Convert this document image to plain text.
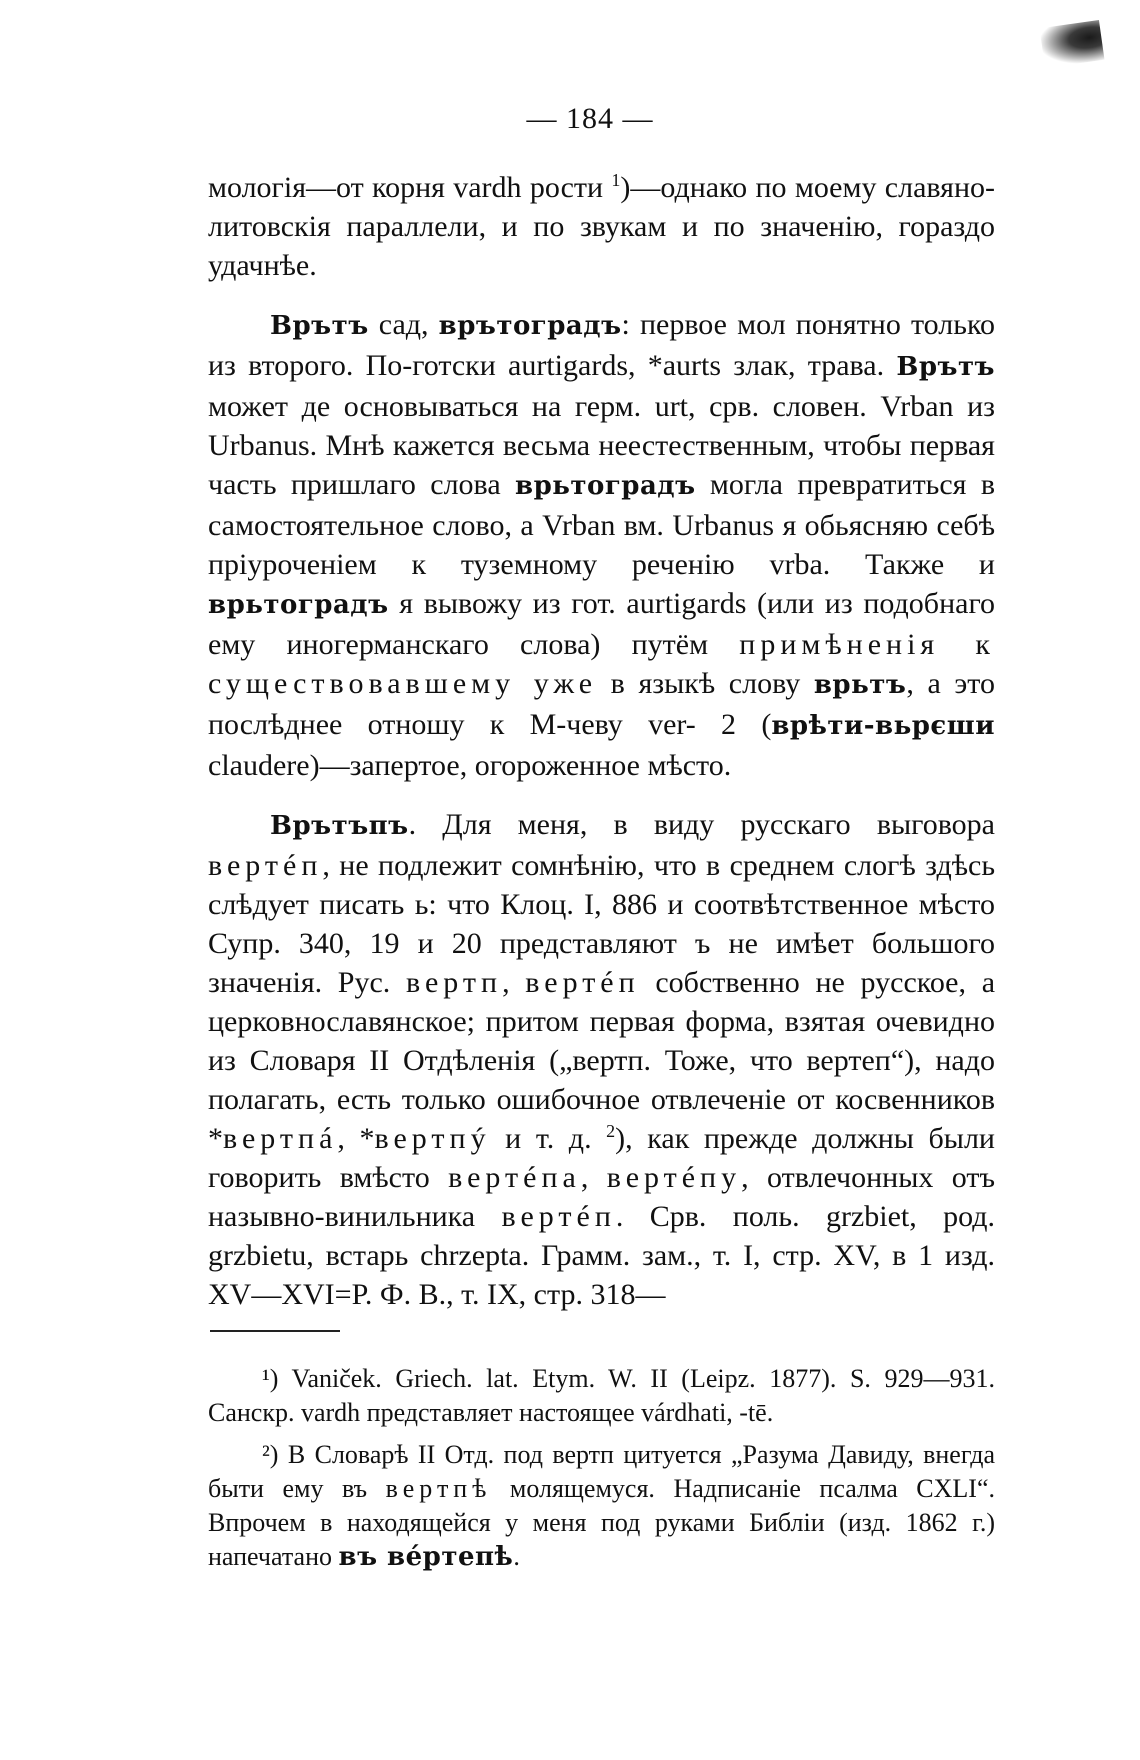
— 184 —

мологія—от корня vardh рости $^1$)—однако по моему славяно-литовскія параллели, и по звукам и по значенію, гораздо удачнѣе.

Врътъ сад, врътоградъ: первое мол понятно только из второго. По-готски aurtigards, *aurts злак, трава. Врътъ может де основываться на герм. urt, срв. словен. Vrban из Urbanus. Мнѣ кажется весьма неестественным, чтобы первая часть пришлаго слова врьтоградъ могла превратиться в самостоятельное слово, а Vrban вм. Urbanus я обьясняю себѣ пріуроченіем к туземному реченію vrba. Также и врьтоградъ я вывожу из гот. aurtigards (или из подобнаго ему иногерманскаго слова) путём примѣненія к существовавшему уже в языкѣ слову врьтъ, а это послѣднее отношу к М-чеву ver- 2 (врѣти-вьрєши claudere)—запертое, огороженное мѣсто.

Врътъпъ. Для меня, в виду русскаго выговора вертéп, не подлежит сомнѣнію, что в среднем слогѣ здѣсь слѣдует писать ь: что Клоц. I, 886 и соотвѣтственное мѣсто Супр. 340, 19 и 20 представляют ъ не имѣет большого значенія. Рус. вертп, вертéп собственно не русское, а церковнославянское; притом первая форма, взятая очевидно из Словаря II Отдѣленія („вертп. Тоже, что вертеп“), надо полагать, есть только ошибочное отвлеченіе от косвенников *вертпá, *вертпý и т. д. $^2$), как прежде должны были говорить вмѣсто вертéпа, вертéпу, отвлечонных отъ назывно-винильника вертéп. Срв. поль. grzbiet, род. grzbietu, встарь chrzepta. Грамм. зам., т. I, стр. XV, в 1 изд. XV—XVI=P. Ф. В., т. IX, стр. 318—

¹) Vaniček. Griech. lat. Etym. W. II (Leipz. 1877). S. 929—931. Санскр. vardh представляет настоящее várdhati, -tē.

²) В Словарѣ II Отд. под вертп цитуется „Разума Давиду, внегда быти ему въ вертпѣ молящемуся. Надписаніе псалма CXLI“. Впрочем в находящейся у меня под руками Библіи (изд. 1862 г.) напечатано въ вéртепѣ.
